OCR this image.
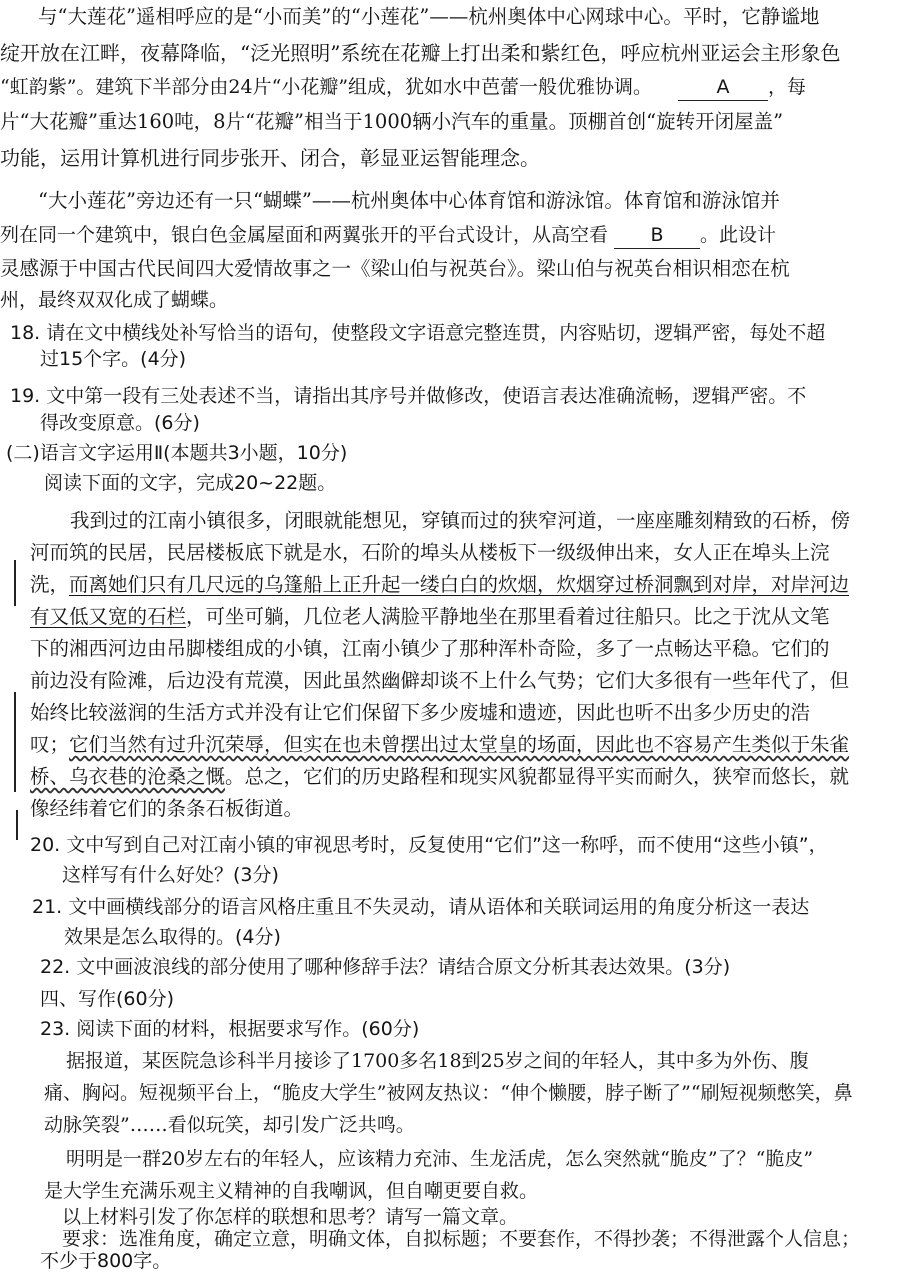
与“大莲花”遥相呼应的是“小而美”的“小莲花”——杭州奥体中心网球中心。平时，它静谧地
绽开放在江畔，夜幕降临，“泛光照明”系统在花瓣上打出柔和紫红色，呼应杭州亚运会主形象色
“虹韵紫”。建筑下半部分由24片“小花瓣”组成，犹如水中芭蕾一般优雅协调。	A ，每
片“大花瓣”重达160吨，8片“花瓣”相当于1000辆小汽车的重量。顶棚首创“旋转开闭屋盖”
功能，运用计算机进行同步张开、闭合，彰显亚运智能理念。
“大小莲花”旁边还有一只“蝴蝶”——杭州奥体中心体育馆和游泳馆。体育馆和游泳馆并
列在同一个建筑中，银白色金属屋面和两翼张开的平台式设计，从高空看 B 。此设计
灵感源于中国古代民间四大爱情故事之一《梁山伯与祝英台》。梁山伯与祝英台相识相恋在杭
州，最终双双化成了蝴蝶。
18. 请在文中横线处补写恰当的语句，使整段文字语意完整连贯，内容贴切，逻辑严密，每处不超
过15个字。(4分)
19. 文中第一段有三处表述不当，请指出其序号并做修改，使语言表达准确流畅，逻辑严密。不
得改变原意。(6分)
(二)语言文字运用Ⅱ(本题共3小题，10分)
阅读下面的文字，完成20~22题。
我到过的江南小镇很多，闭眼就能想见，穿镇而过的狭窄河道，一座座雕刻精致的石桥，傍
河而筑的民居，民居楼板底下就是水，石阶的埠头从楼板下一级级伸出来，女人正在埠头上浣
洗，而离她们只有几尺远的乌篷船上正升起一缕白白的炊烟，炊烟穿过桥洞飘到对岸，对岸河边
有又低又宽的石栏，可坐可躺，几位老人满脸平静地坐在那里看着过往船只。比之于沈从文笔
下的湘西河边由吊脚楼组成的小镇，江南小镇少了那种浑朴奇险，多了一点畅达平稳。它们的
前边没有险滩，后边没有荒漠，因此虽然幽僻却谈不上什么气势；它们大多很有一些年代了，但
始终比较滋润的生活方式并没有让它们保留下多少废墟和遗迹，因此也听不出多少历史的浩
叹；它们当然有过升沉荣辱，但实在也未曾摆出过太堂皇的场面，因此也不容易产生类似于朱雀
桥、乌衣巷的沧桑之慨。总之，它们的历史路程和现实风貌都显得平实而耐久，狭窄而悠长，就
像经纬着它们的条条石板街道。
20. 文中写到自己对江南小镇的审视思考时，反复使用“它们”这一称呼，而不使用“这些小镇”，
这样写有什么好处？(3分)
21. 文中画横线部分的语言风格庄重且不失灵动，请从语体和关联词运用的角度分析这一表达
效果是怎么取得的。(4分)
22. 文中画波浪线的部分使用了哪种修辞手法？请结合原文分析其表达效果。(3分)
四、写作(60分)
23. 阅读下面的材料，根据要求写作。(60分)
据报道，某医院急诊科半月接诊了1700多名18到25岁之间的年轻人，其中多为外伤、腹
痛、胸闷。短视频平台上，“脆皮大学生”被网友热议：“伸个懒腰，脖子断了”“刷短视频憋笑，鼻
动脉笑裂”……看似玩笑，却引发广泛共鸣。
明明是一群20岁左右的年轻人，应该精力充沛、生龙活虎，怎么突然就“脆皮”了？“脆皮”
是大学生充满乐观主义精神的自我嘲讽，但自嘲更要自救。
以上材料引发了你怎样的联想和思考？请写一篇文章。
要求：选准角度，确定立意，明确文体，自拟标题；不要套作，不得抄袭；不得泄露个人信息；
不少于800字。
